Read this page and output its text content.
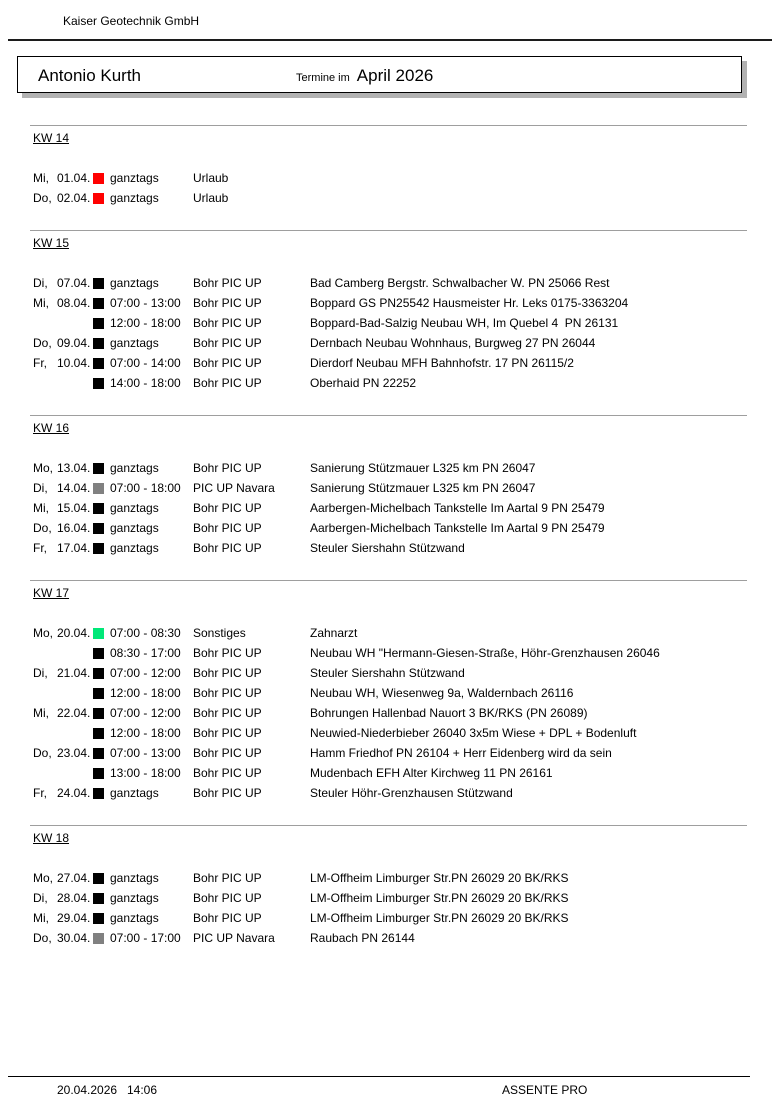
Kaiser Geotechnik GmbH
Antonio Kurth	Termine im April 2026
KW 14
Mi, 01.04. ganztags	Urlaub
Do, 02.04. ganztags	Urlaub
KW 15
Di, 07.04. ganztags	Bohr PIC UP	Bad Camberg Bergstr. Schwalbacher W. PN 25066 Rest
Mi, 08.04. 07:00 - 13:00	Bohr PIC UP	Boppard GS PN25542 Hausmeister Hr. Leks 0175-3363204
12:00 - 18:00	Bohr PIC UP	Boppard-Bad-Salzig Neubau WH, Im Quebel 4  PN 26131
Do, 09.04. ganztags	Bohr PIC UP	Dernbach Neubau Wohnhaus, Burgweg 27 PN 26044
Fr, 10.04. 07:00 - 14:00	Bohr PIC UP	Dierdorf Neubau MFH Bahnhofstr. 17 PN 26115/2
14:00 - 18:00	Bohr PIC UP	Oberhaid PN 22252
KW 16
Mo, 13.04. ganztags	Bohr PIC UP	Sanierung Stützmauer L325 km PN 26047
Di, 14.04. 07:00 - 18:00	PIC UP Navara	Sanierung Stützmauer L325 km PN 26047
Mi, 15.04. ganztags	Bohr PIC UP	Aarbergen-Michelbach Tankstelle Im Aartal 9 PN 25479
Do, 16.04. ganztags	Bohr PIC UP	Aarbergen-Michelbach Tankstelle Im Aartal 9 PN 25479
Fr, 17.04. ganztags	Bohr PIC UP	Steuler Siershahn Stützwand
KW 17
Mo, 20.04. 07:00 - 08:30	Sonstiges	Zahnarzt
08:30 - 17:00	Bohr PIC UP	Neubau WH "Hermann-Giesen-Straße, Höhr-Grenzhausen 26046
Di, 21.04. 07:00 - 12:00	Bohr PIC UP	Steuler Siershahn Stützwand
12:00 - 18:00	Bohr PIC UP	Neubau WH, Wiesenweg 9a, Waldernbach 26116
Mi, 22.04. 07:00 - 12:00	Bohr PIC UP	Bohrungen Hallenbad Nauort 3 BK/RKS (PN 26089)
12:00 - 18:00	Bohr PIC UP	Neuwied-Niederbieber 26040 3x5m Wiese + DPL + Bodenluft
Do, 23.04. 07:00 - 13:00	Bohr PIC UP	Hamm Friedhof PN 26104 + Herr Eidenberg wird da sein
13:00 - 18:00	Bohr PIC UP	Mudenbach EFH Alter Kirchweg 11 PN 26161
Fr, 24.04. ganztags	Bohr PIC UP	Steuler Höhr-Grenzhausen Stützwand
KW 18
Mo, 27.04. ganztags	Bohr PIC UP	LM-Offheim Limburger Str.PN 26029 20 BK/RKS
Di, 28.04. ganztags	Bohr PIC UP	LM-Offheim Limburger Str.PN 26029 20 BK/RKS
Mi, 29.04. ganztags	Bohr PIC UP	LM-Offheim Limburger Str.PN 26029 20 BK/RKS
Do, 30.04. 07:00 - 17:00	PIC UP Navara	Raubach PN 26144
20.04.2026 14:06	ASSENTE PRO
